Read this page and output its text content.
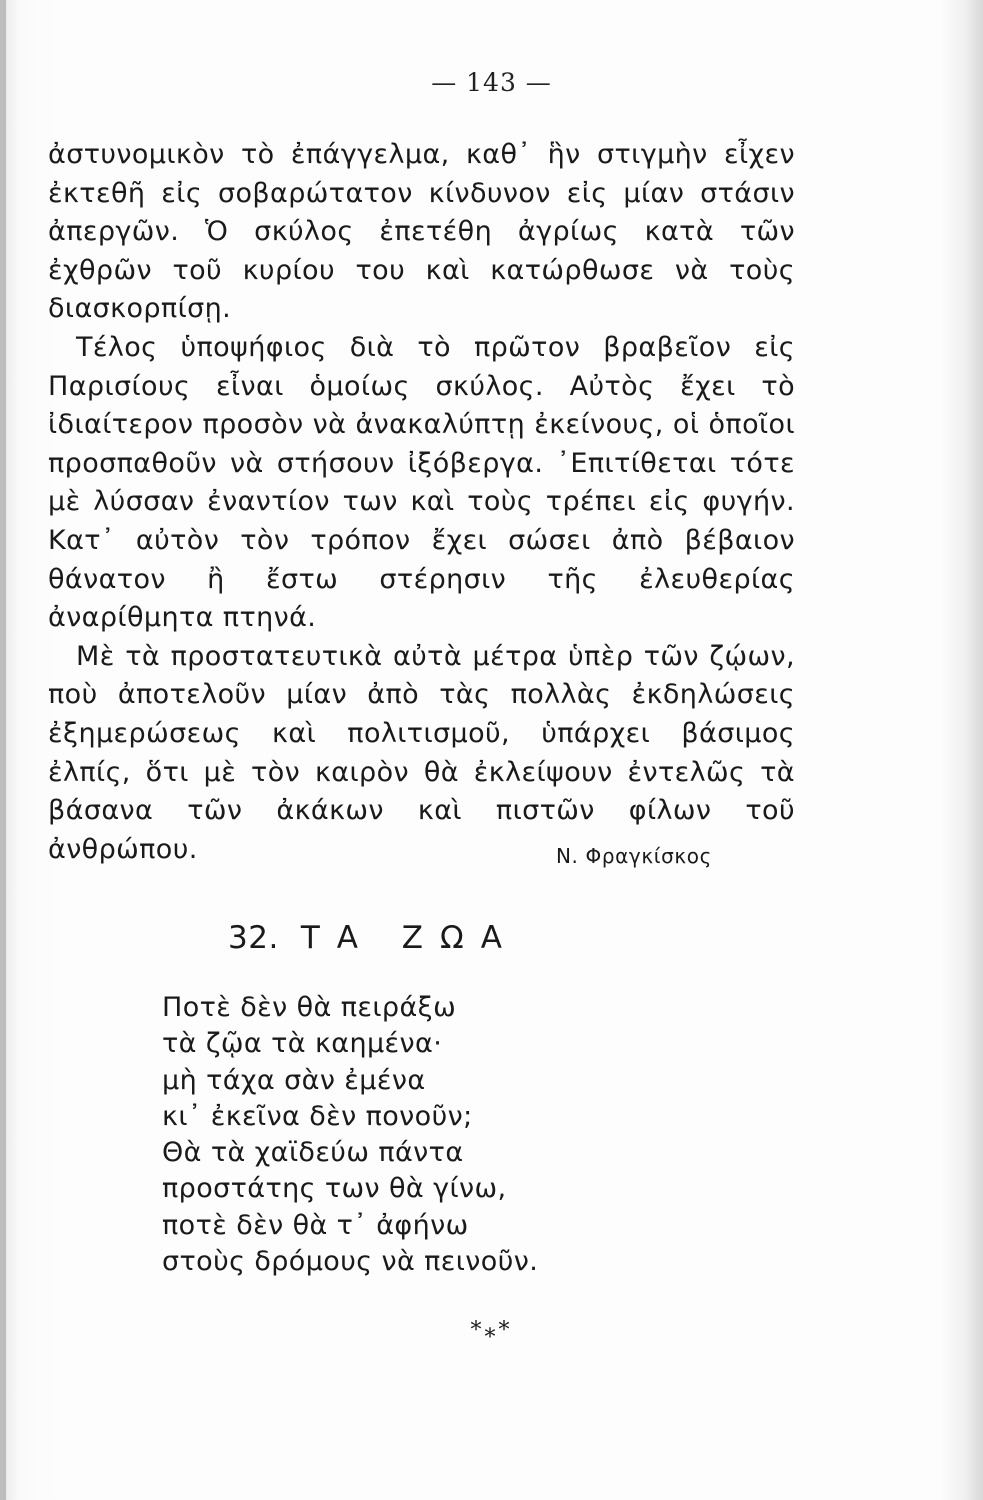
— 143 —

ἀστυνομικὸν τὸ ἐπάγγελμα, καθ᾿ ἣν στιγμὴν εἶχεν ἐκτεθῆ εἰς σοβαρώτατον κίνδυνον εἰς μίαν στάσιν ἀπεργῶν. Ὁ σκύλος ἐπετέθη ἀγρίως κατὰ τῶν ἐχθρῶν τοῦ κυρίου του καὶ κατώρθωσε νὰ τοὺς διασκορπίσῃ.

Τέλος ὑποψήφιος διὰ τὸ πρῶτον βραβεῖον εἰς Παρισίους εἶναι ὁμοίως σκύλος. Αὐτὸς ἔχει τὸ ἰδιαίτερον προσὸν νὰ ἀνακαλύπτῃ ἐκείνους, οἱ ὁποῖοι προσπαθοῦν νὰ στήσουν ἰξόβεργα. ᾿Επιτίθεται τότε μὲ λύσσαν ἐναντίον των καὶ τοὺς τρέπει εἰς φυγήν. Κατ᾿ αὐτὸν τὸν τρόπον ἔχει σώσει ἀπὸ βέβαιον θάνατον ἢ ἔστω στέρησιν τῆς ἐλευθερίας ἀναρίθμητα πτηνά.

Μὲ τὰ προστατευτικὰ αὐτὰ μέτρα ὑπὲρ τῶν ζῴων, ποὺ ἀποτελοῦν μίαν ἀπὸ τὰς πολλὰς ἐκδηλώσεις ἐξημερώσεως καὶ πολιτισμοῦ, ὑπάρχει βάσιμος ἐλπίς, ὅτι μὲ τὸν καιρὸν θὰ ἐκλείψουν ἐντελῶς τὰ βάσανα τῶν ἀκάκων καὶ πιστῶν φίλων τοῦ ἀνθρώπου.	Ν. Φραγκίσκος
32. ΤΑ ΖΩΑ
Ποτὲ δὲν θὰ πειράξω
τὰ ζῷα τὰ καημένα·
μὴ τάχα σὰν ἐμένα
κι᾿ ἐκεῖνα δὲν πονοῦν;
Θὰ τὰ χαϊδεύω πάντα
προστάτης των θὰ γίνω,
ποτὲ δὲν θὰ τ᾿ ἀφήνω
στοὺς δρόμους νὰ πεινοῦν.
*⁎*
